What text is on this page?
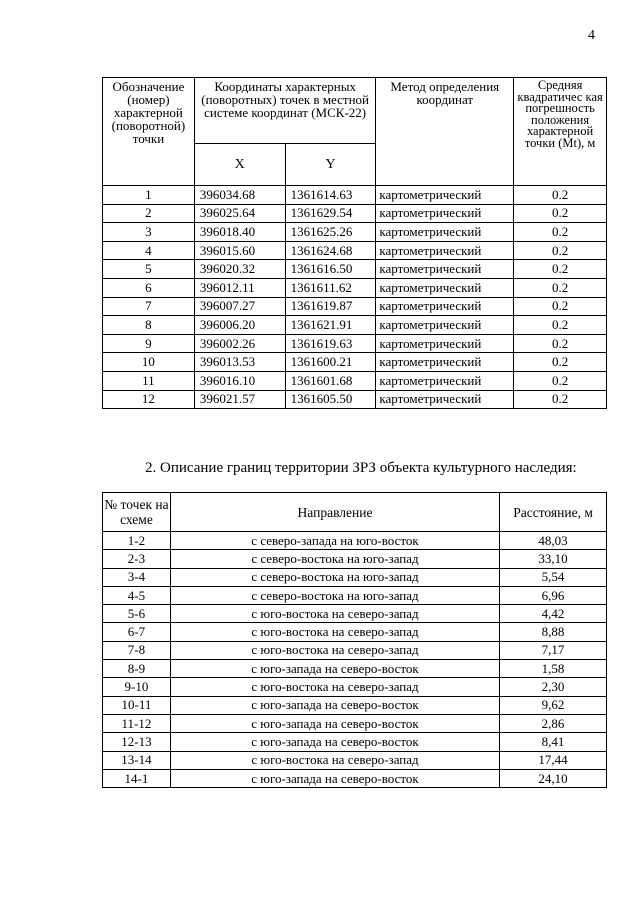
4
Обозначение (номер) характерной (поворотной) точки	Координаты характерных (поворотных) точек в местной системе координат (МСК-22)		Метод определения координат	Средняя квадратичес кая погрешность положения характерной точки (Mt), м
	X	Y		
1	396034.68	1361614.63	картометрический	0.2
2	396025.64	1361629.54	картометрический	0.2
3	396018.40	1361625.26	картометрический	0.2
4	396015.60	1361624.68	картометрический	0.2
5	396020.32	1361616.50	картометрический	0.2
6	396012.11	1361611.62	картометрический	0.2
7	396007.27	1361619.87	картометрический	0.2
8	396006.20	1361621.91	картометрический	0.2
9	396002.26	1361619.63	картометрический	0.2
10	396013.53	1361600.21	картометрический	0.2
11	396016.10	1361601.68	картометрический	0.2
12	396021.57	1361605.50	картометрический	0.2
2. Описание границ территории ЗРЗ объекта культурного наследия:
№ точек на схеме	Направление	Расстояние, м
1-2	с северо-запада на юго-восток	48,03
2-3	с северо-востока на юго-запад	33,10
3-4	с северо-востока на юго-запад	5,54
4-5	с северо-востока на юго-запад	6,96
5-6	с юго-востока на северо-запад	4,42
6-7	с юго-востока на северо-запад	8,88
7-8	с юго-востока на северо-запад	7,17
8-9	с юго-запада на северо-восток	1,58
9-10	с юго-востока на северо-запад	2,30
10-11	с юго-запада на северо-восток	9,62
11-12	с юго-запада на северо-восток	2,86
12-13	с юго-запада на северо-восток	8,41
13-14	с юго-востока на северо-запад	17,44
14-1	с юго-запада на северо-восток	24,10
